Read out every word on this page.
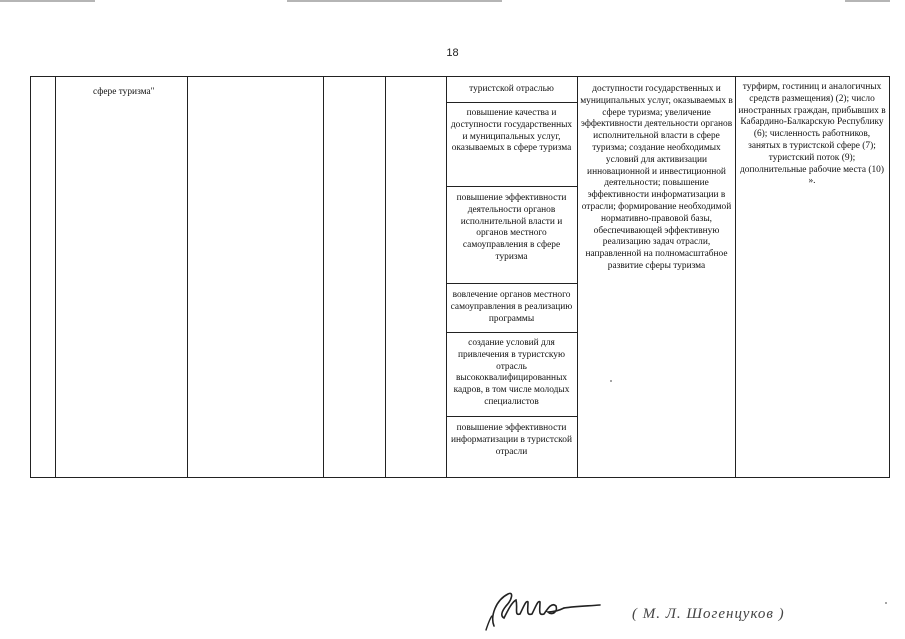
18
сфере туризма"	туристской отраслью
повышение качества и доступности государственных и муниципальных услуг, оказываемых в сфере туризма
повышение эффективности деятельности органов исполнительной власти и органов местного самоуправления в сфере туризма
вовлечение органов местного самоуправления в реализацию программы
создание условий для привлечения в туристскую отрасль высококвалифицированных кадров, в том числе молодых специалистов
повышение эффективности информатизации в туристской отрасли
доступности государственных и муниципальных услуг, оказываемых в сфере туризма; увеличение эффективности деятельности органов исполнительной власти в сфере туризма; создание необходимых условий для активизации инновационной и инвестиционной деятельности; повышение эффективности информатизации в отрасли; формирование необходимой нормативно-правовой базы, обеспечивающей эффективную реализацию задач отрасли, направленной на полномасштабное развитие сферы туризма
турфирм, гостиниц и аналогичных средств размещения) (2); число иностранных граждан, прибывших в Кабардино-Балкарскую Республику (6); численность работников, занятых в туристской сфере (7); туристский поток (9); дополнительные рабочие места (10) ».
( М. Л. Шогенцуков )
